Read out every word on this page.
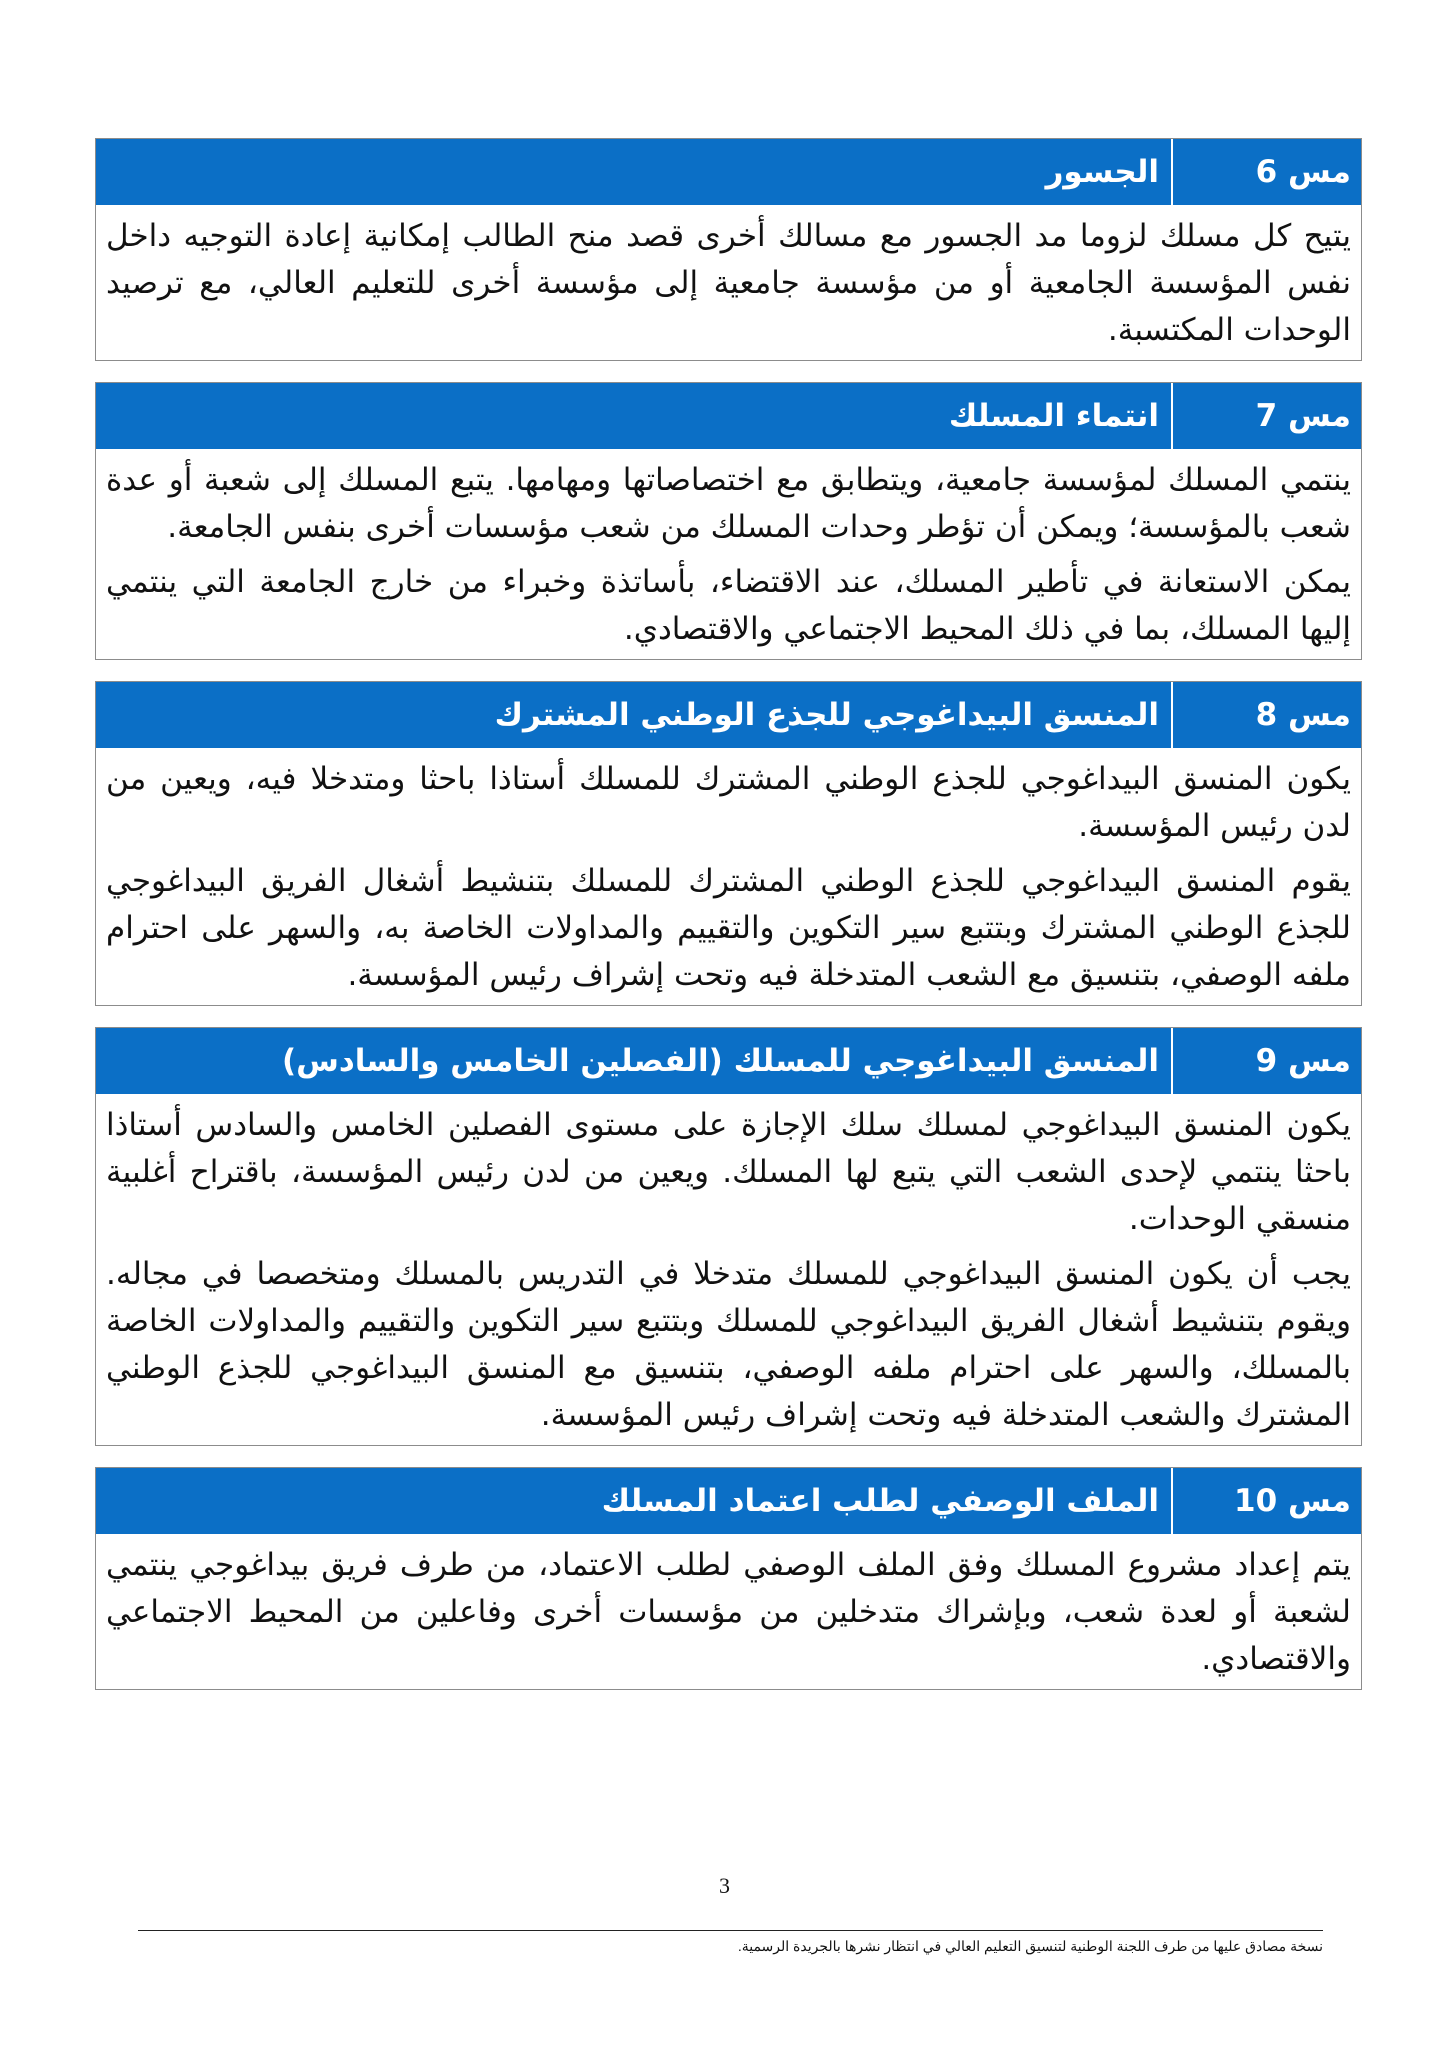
مس 6
الجسور

يتيح كل مسلك لزوما مد الجسور مع مسالك أخرى قصد منح الطالب إمكانية إعادة التوجيه داخل نفس المؤسسة الجامعية أو من مؤسسة جامعية إلى مؤسسة أخرى للتعليم العالي، مع ترصيد الوحدات المكتسبة.

مس 7
انتماء المسلك

ينتمي المسلك لمؤسسة جامعية، ويتطابق مع اختصاصاتها ومهامها. يتبع المسلك إلى شعبة أو عدة شعب بالمؤسسة؛ ويمكن أن تؤطر وحدات المسلك من شعب مؤسسات أخرى بنفس الجامعة.

يمكن الاستعانة في تأطير المسلك، عند الاقتضاء، بأساتذة وخبراء من خارج الجامعة التي ينتمي إليها المسلك، بما في ذلك المحيط الاجتماعي والاقتصادي.

مس 8
المنسق البيداغوجي للجذع الوطني المشترك

يكون المنسق البيداغوجي للجذع الوطني المشترك للمسلك أستاذا باحثا ومتدخلا فيه، ويعين من لدن رئيس المؤسسة.

يقوم المنسق البيداغوجي للجذع الوطني المشترك للمسلك بتنشيط أشغال الفريق البيداغوجي للجذع الوطني المشترك وبتتبع سير التكوين والتقييم والمداولات الخاصة به، والسهر على احترام ملفه الوصفي، بتنسيق مع الشعب المتدخلة فيه وتحت إشراف رئيس المؤسسة.

مس 9
المنسق البيداغوجي للمسلك (الفصلين الخامس والسادس)

يكون المنسق البيداغوجي لمسلك سلك الإجازة على مستوى الفصلين الخامس والسادس أستاذا باحثا ينتمي لإحدى الشعب التي يتبع لها المسلك. ويعين من لدن رئيس المؤسسة، باقتراح أغلبية منسقي الوحدات.

يجب أن يكون المنسق البيداغوجي للمسلك متدخلا في التدريس بالمسلك ومتخصصا في مجاله. ويقوم بتنشيط أشغال الفريق البيداغوجي للمسلك وبتتبع سير التكوين والتقييم والمداولات الخاصة بالمسلك، والسهر على احترام ملفه الوصفي، بتنسيق مع المنسق البيداغوجي للجذع الوطني المشترك والشعب المتدخلة فيه وتحت إشراف رئيس المؤسسة.

مس 10
الملف الوصفي لطلب اعتماد المسلك

يتم إعداد مشروع المسلك وفق الملف الوصفي لطلب الاعتماد، من طرف فريق بيداغوجي ينتمي لشعبة أو لعدة شعب، وبإشراك متدخلين من مؤسسات أخرى وفاعلين من المحيط الاجتماعي والاقتصادي.

3
نسخة مصادق عليها من طرف اللجنة الوطنية لتنسيق التعليم العالي في انتظار نشرها بالجريدة الرسمية.
